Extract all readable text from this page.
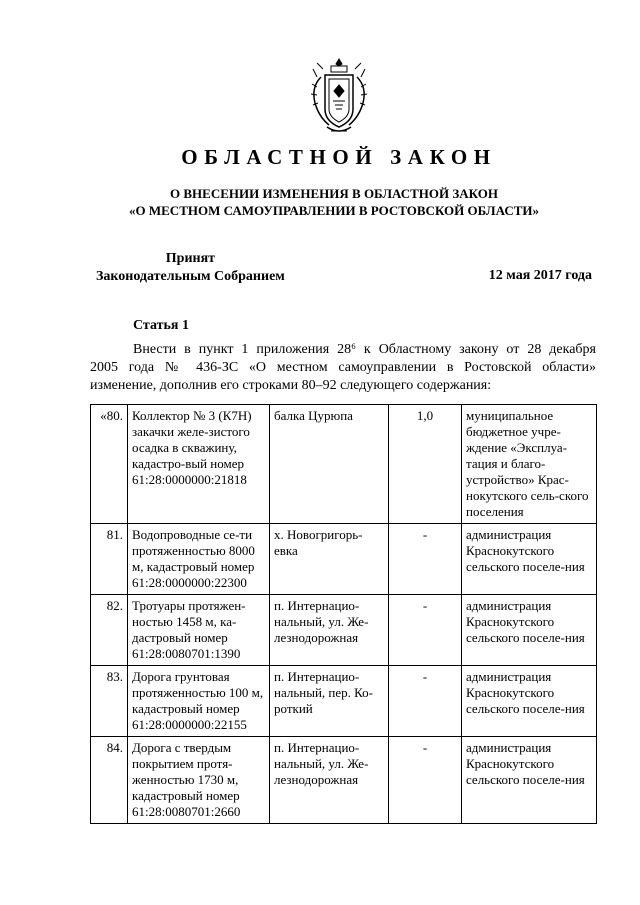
ОБЛАСТНОЙ ЗАКОН
О ВНЕСЕНИИ ИЗМЕНЕНИЯ В ОБЛАСТНОЙ ЗАКОН
«О МЕСТНОМ САМОУПРАВЛЕНИИ В РОСТОВСКОЙ ОБЛАСТИ»
Принят
Законодательным Собранием	12 мая 2017 года
Статья 1

Внести в пункт 1 приложения 28⁶ к Областному закону от 28 декабря

2005 года № 436-ЗС «О местном самоуправлении в Ростовской области»

изменение, дополнив его строками 80–92 следующего содержания:

«80.	Коллектор № 3 (К7Н) закачки желе-зистого осадка в скважину, кадастро-вый номер 61:28:0000000:21818	балка Цурюпа	1,0	муниципальное бюджетное учре-ждение «Эксплуа-тация и благо-устройство» Крас-нокутского сель-ского поселения
81.	Водопроводные се-ти протяженностью 8000 м, кадастровый номер 61:28:0000000:22300	х. Новогригорь-евка	-	администрация Краснокутского сельского поселе-ния
82.	Тротуары протяжен-ностью 1458 м, ка-дастровый номер 61:28:0080701:1390	п. Интернацио-нальный, ул. Же-лезнодорожная	-	администрация Краснокутского сельского поселе-ния
83.	Дорога грунтовая протяженностью 100 м, кадастровый номер 61:28:0000000:22155	п. Интернацио-нальный, пер. Ко-роткий	-	администрация Краснокутского сельского поселе-ния
84.	Дорога с твердым покрытием протя-женностью 1730 м, кадастровый номер 61:28:0080701:2660	п. Интернацио-нальный, ул. Же-лезнодорожная	-	администрация Краснокутского сельского поселе-ния
